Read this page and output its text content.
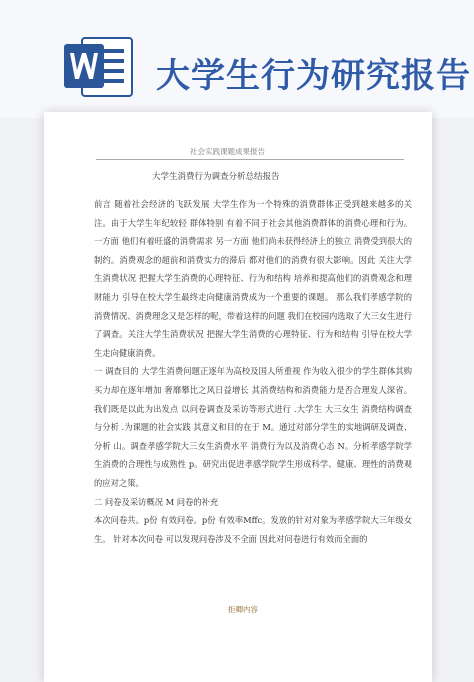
大学生行为研究报告
社会实践课题成果报告
大学生消费行为调查分析总结报告

前言 随着社会经济的飞跃发展 大学生作为一个特殊的消费群体正受到越来越多的关注。由于大学生年纪较轻 群体特别 有着不同于社会其他消费群体的消费心理和行为。一方面 他们有着旺盛的消费需求 另一方面 他们尚未获得经济上的独立 消费受到很大的制约。消费观念的超前和消费实力的滞后 都对他们的消费有很大影响。因此 关注大学生消费状况 把握大学生消费的心理特征、行为和结构 培养和提高他们的消费观念和理财能力 引导在校大学生最终走向健康消费成为一个重要的课题。 那么我们孝感学院的消费情况、消费理念又是怎样的呢，带着这样的问题 我们在校园内选取了大三女生进行了调查。关注大学生消费状况 把握大学生消费的心理特征、行为和结构 引导在校大学生走向健康消费。

一 调查目的 大学生消费问题正逐年为高校及国人所重视 作为收入很少的学生群体其购买力却在逐年增加 奢靡攀比之风日益增长 其消费结构和消费能力是否合理发人深省。我们既是以此为出发点 以问卷调查及采访等形式进行 .大学生 大三女生 消费结构调查与分析 .为课题的社会实践 其意义和目的在于 M。通过对部分学生的实地调研及调查、分析 山。调查孝感学院大三女生消费水平 消费行为以及消费心态 N。分析孝感学院学生消费的合理性与成熟性 p。研究出促进孝感学院学生形成科学、健康、理性的消费观的应对之策。

二 问卷及采访概况 M 问卷的补充

本次问卷共。p份 有效问卷。p份 有效率Mffc。发放的针对对象为孝感学院大三年级女生。 针对本次问卷 可以发现问卷涉及不全面 因此对问卷进行有效而全面的

拒卿内容
